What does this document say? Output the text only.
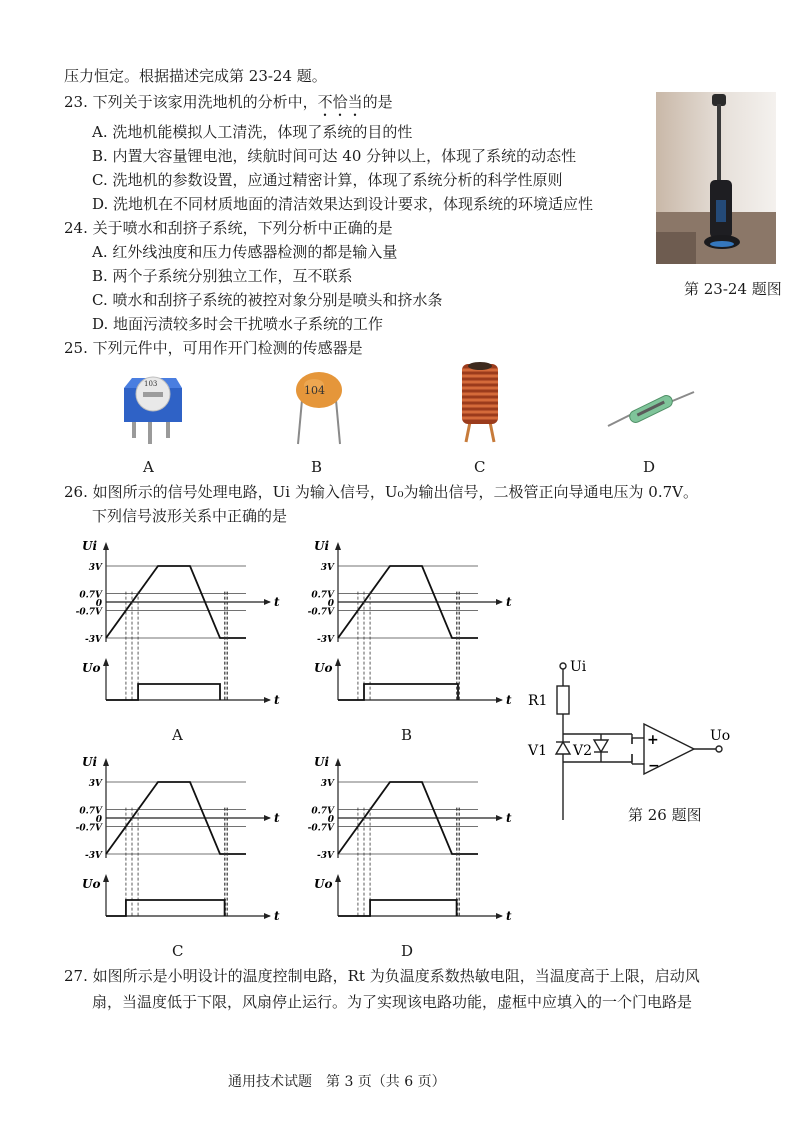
压力恒定。根据描述完成第 23-24 题。
23. 下列关于该家用洗地机的分析中，不恰当的是
A. 洗地机能模拟人工清洗，体现了系统的目的性
B. 内置大容量锂电池，续航时间可达 40 分钟以上，体现了系统的动态性
C. 洗地机的参数设置，应通过精密计算，体现了系统分析的科学性原则
D. 洗地机在不同材质地面的清洁效果达到设计要求，体现系统的环境适应性
24. 关于喷水和刮挤子系统，下列分析中正确的是
A. 红外线浊度和压力传感器检测的都是输入量
B. 两个子系统分别独立工作，互不联系
C. 喷水和刮挤子系统的被控对象分别是喷头和挤水条
D. 地面污渍较多时会干扰喷水子系统的工作
第 23-24 题图
25. 下列元件中，可用作开门检测的传感器是
103	104
A	B	C	D
26. 如图所示的信号处理电路，Ui 为输入信号，U₀为输出信号，二极管正向导通电压为 0.7V。
下列信号波形关系中正确的是
3V
0.7V
0
-0.7V
-3V
Ui
t
Uo
t
3V
0.7V
0
-0.7V
-3V
Ui
t
Uo
t
3V
0.7V
0
-0.7V
-3V
Ui
t
Uo
t
3V
0.7V
0
-0.7V
-3V
Ui
t
Uo
t
A	B
C	D
Ui
R1
V1 V2
+
−
Uo
第 26 题图
27. 如图所示是小明设计的温度控制电路，Rt 为负温度系数热敏电阻，当温度高于上限，启动风
扇，当温度低于下限，风扇停止运行。为了实现该电路功能，虚框中应填入的一个门电路是
通用技术试题　第 3 页（共 6 页）
